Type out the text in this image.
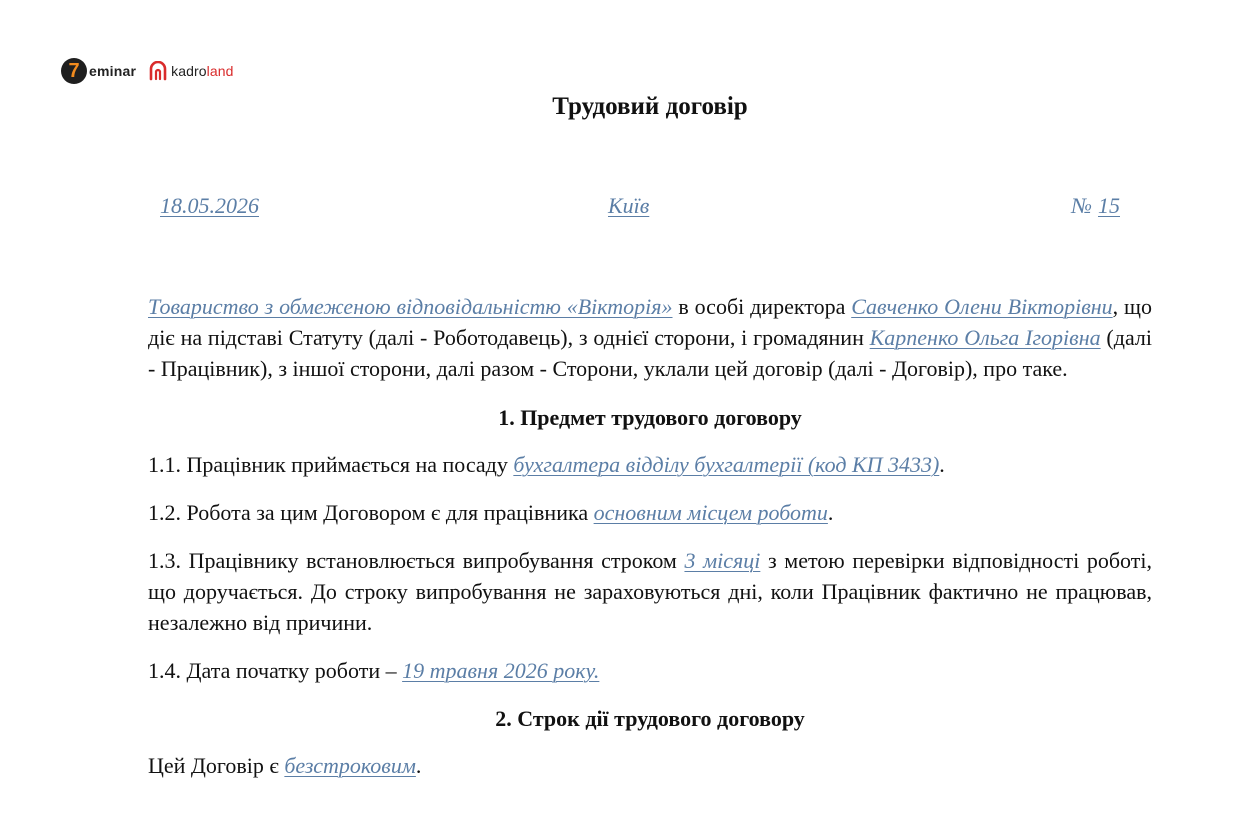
7 eminar	kadroland
Трудовий договір
18.05.2026	Київ	№ 15

Товариство з обмеженою відповідальністю «Вікторія» в особі директора Савченко Олени Вікторівни, що діє на підставі Статуту (далі - Роботодавець), з однієї сторони, і громадянин Карпенко Ольга Ігорівна (далі - Працівник), з іншої сторони, далі разом - Сторони, уклали цей договір (далі - Договір), про таке.

1. Предмет трудового договору

1.1. Працівник приймається на посаду бухгалтера відділу бухгалтерії (код КП 3433).

1.2. Робота за цим Договором є для працівника основним місцем роботи.

1.3. Працівнику встановлюється випробування строком 3 місяці з метою перевірки відповідності роботі, що доручається. До строку випробування не зараховуються дні, коли Працівник фактично не працював, незалежно від причини.

1.4. Дата початку роботи – 19 травня 2026 року.

2. Строк дії трудового договору

Цей Договір є безстроковим.
